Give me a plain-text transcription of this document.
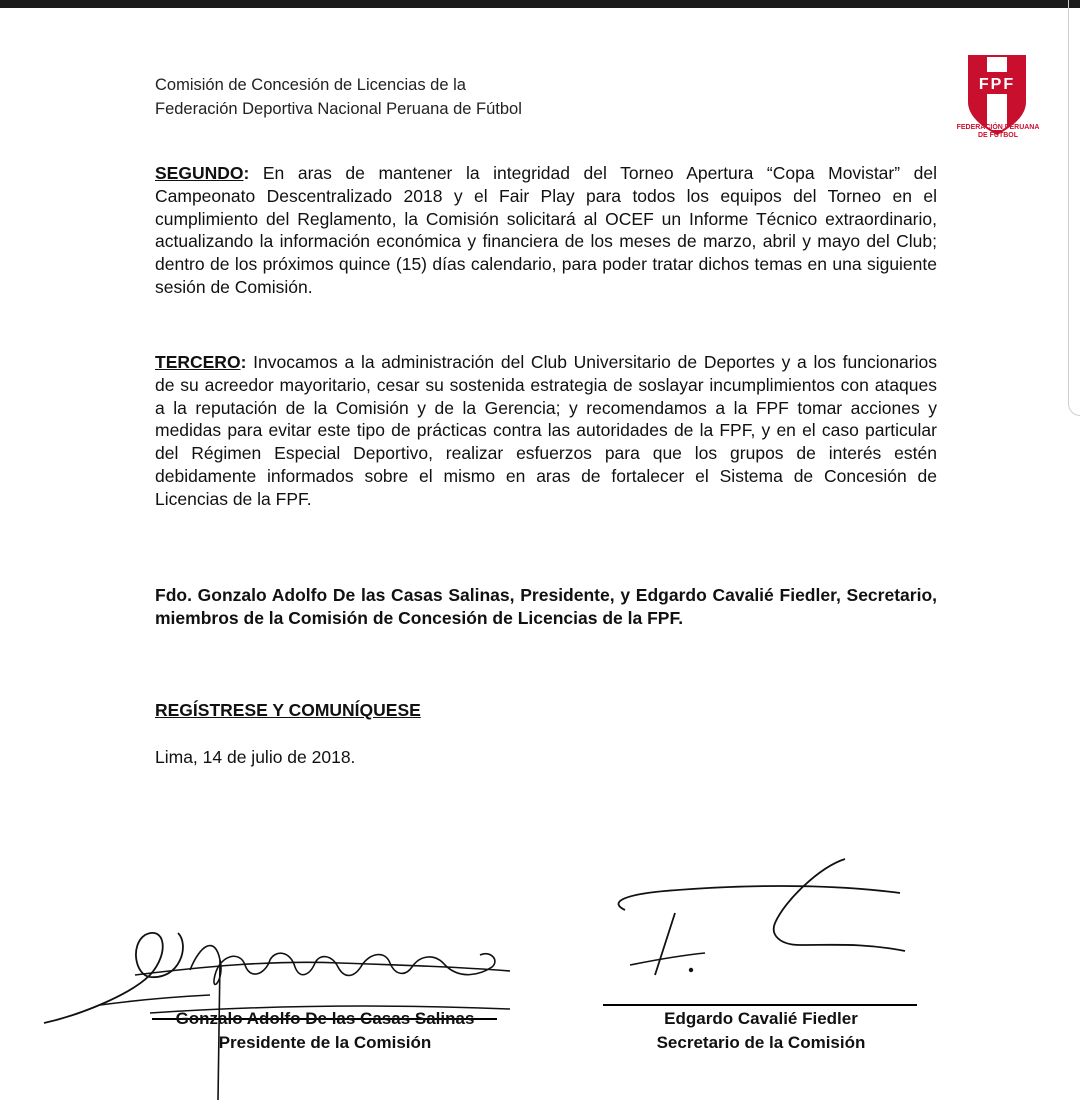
Comisión de Concesión de Licencias de la
Federación Deportiva Nacional Peruana de Fútbol
FPF
FEDERACIÓN PERUANA
DE FÚTBOL
SEGUNDO: En aras de mantener la integridad del Torneo Apertura “Copa Movistar” del Campeonato Descentralizado 2018 y el Fair Play para todos los equipos del Torneo en el cumplimiento del Reglamento, la Comisión solicitará al OCEF un Informe Técnico extraordinario, actualizando la información económica y financiera de los meses de marzo, abril y mayo del Club; dentro de los próximos quince (15) días calendario, para poder tratar dichos temas en una siguiente sesión de Comisión.
TERCERO: Invocamos a la administración del Club Universitario de Deportes y a los funcionarios de su acreedor mayoritario, cesar su sostenida estrategia de soslayar incumplimientos con ataques a la reputación de la Comisión y de la Gerencia; y recomendamos a la FPF tomar acciones y medidas para evitar este tipo de prácticas contra las autoridades de la FPF, y en el caso particular del Régimen Especial Deportivo, realizar esfuerzos para que los grupos de interés estén debidamente informados sobre el mismo en aras de fortalecer el Sistema de Concesión de Licencias de la FPF.
Fdo. Gonzalo Adolfo De las Casas Salinas, Presidente, y Edgardo Cavalié Fiedler, Secretario, miembros de la Comisión de Concesión de Licencias de la FPF.
REGÍSTRESE Y COMUNÍQUESE
Lima, 14 de julio de 2018.
Gonzalo Adolfo De las Casas Salinas
Presidente de la Comisión
Edgardo Cavalié Fiedler
Secretario de la Comisión
